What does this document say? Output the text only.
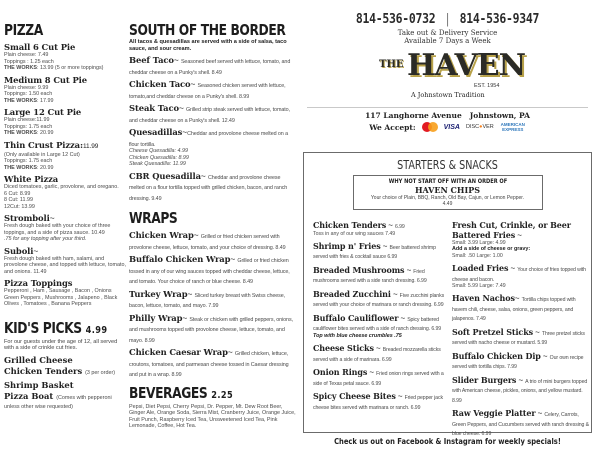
PIZZA
Small 6 Cut Pie
Plain cheese: 7.49
Toppings : 1.25 each
THE WORKS: 13.99 (5 or more toppings)
Medium 8 Cut Pie
Plain cheese: 9.99
Toppings: 1.50 each
THE WORKS: 17.99
Large 12 Cut Pie
Plain cheese:11.99
Toppings: 1.75 each
THE WORKS: 20.99
Thin Crust Pizza:11.99
(Only available in Large 12 Cut)
Toppings: 1.75 each
THE WORKS: 20.99
White Pizza
Diced tomatoes, garlic, provolone, and oregano.
6 Cut: 8.99
8 Cut: 11.99
12Cut: 13.99
Stromboli~
Fresh dough baked with your choice of three toppings, and a side of pizza sauce. 10.49
.75 for any topping after your third.
Suboli~
Fresh dough baked with ham, salami, and provolone cheese, and topped with lettuce, tomato, and onions. 11.49
Pizza Toppings
Pepperoni , Ham , Sausage , Bacon , Onions Green Peppers , Mushrooms , Jalapeno , Black Olives , Tomatoes , Banana Peppers
KID'S PICKS 4.99
For our guests under the age of 12, all served with a side of crinkle cut fries.
Grilled Cheese
Chicken Tenders (3 per order)
Shrimp Basket
Pizza Boat (Comes with pepperoni unless other wise requested)
SOUTH OF THE BORDER
All tacos & quesadillas are served with a side of salsa, taco sauce, and sour cream.
Beef Taco~ Seasoned beef served with lettuce, tomato, and cheddar cheese on a Punky's shell. 8.49
Chicken Taco~ Seasoned chicken served with lettuce, tomato,and cheddar cheese on a Punky's shell. 8.99
Steak Taco~ Grilled strip steak served with lettuce, tomato, and cheddar cheese on a Punky's shell. 12.49
Quesadillas~Cheddar and provolone cheese melted on a flour tortilla.
Cheese Quesadilla: 4.99
Chicken Quesadilla: 8.99
Steak Quesadilla: 11.99
CBR Quesadilla~ Cheddar and provolone cheese melted on a flour tortilla topped with grilled chicken, bacon, and ranch dressing. 9.49
WRAPS
Chicken Wrap~ Grilled or fried chicken served with provolone cheese, lettuce, tomato, and your choice of dressing. 8.49
Buffalo Chicken Wrap~ Grilled or fried chicken tossed in any of our wing sauces topped with cheddar cheese, lettuce, and tomato. Your choice of ranch or blue cheese. 8.49
Turkey Wrap~ Sliced turkey breast with Swiss cheese, bacon, lettuce, tomato, and mayo. 7.99
Philly Wrap~ Steak or chicken with grilled peppers, onions, and mushrooms topped with provolone cheese, lettuce, tomato, and mayo. 8.99
Chicken Caesar Wrap~ Grilled chicken, lettuce, croutons, tomatoes, and parmesan cheese tossed in Caesar dressing and put in a wrap. 8.99
BEVERAGES 2.25
Pepsi, Diet Pepsi, Cherry Pepsi, Dr. Pepper, Mt. Dew Root Beer, Ginger Ale, Orange Soda, Sierra Mist, Cranberry Juice, Orange Juice, Fruit Punch, Raspberry Iced Tea, Unsweetened Iced Tea, Pink Lemonade, Coffee, Hot Tea.
814-536-0732 | 814-536-9347
Take out & Delivery Service
Available 7 Days a Week
THE HAVEN
EST. 1954
A Johnstown Tradition
117 Langhorne Avenue Johnstown, PA
We Accept:	VISA DISC●VER AMERICAN EXPRESS
STARTERS & SNACKS
WHY NOT START OFF WITH AN ORDER OF
HAVEN CHIPS
Your choice of Plain, BBQ, Ranch, Old Bay, Cajun, or Lemon Pepper.
4.49
Chicken Tenders ~ 6.99
Toss in any of our wing sauces 7.49
Shrimp n' Fries ~ Beer battered shrimp served with fries & cocktail sauce 6.99
Breaded Mushrooms ~ Fried mushrooms served with a side ranch dressing. 6.99
Breaded Zucchini ~ Five zucchini planks served with your choice of marinara or ranch dressing. 6.99
Buffalo Cauliflower ~ Spicy battered cauliflower bites served with a side of ranch dressing. 6.99
Top with blue cheese crumbles .75
Cheese Sticks ~ Breaded mozzarella sticks served with a side of marinara. 6.99
Onion Rings ~ Fried onion rings served with a side of Texas petal sauce. 6.99
Spicy Cheese Bites ~ Fried pepper jack cheese bites served with marinara or ranch. 6.99
Fresh Cut, Crinkle, or Beer Battered Fries ~
Small: 3.99 Large: 4.99
Add a side of cheese or gravy:
Small: .50 Large: 1.00
Loaded Fries ~ Your choice of fries topped with cheese and bacon.
Small: 5.99 Large: 7.49
Haven Nachos~ Tortilla chips topped with havem chili, cheese, salsa, onions, green peppers, and jalapenos. 7.49
Soft Pretzel Sticks ~ Three pretzel sticks served with nacho cheese or mustard. 5.99
Buffalo Chicken Dip ~ Our own recipe served with tortilla chips. 7.99
Slider Burgers ~ A trio of mini burgers topped with American cheese, pickles, onions, and yellow mustard. 8.99
Raw Veggie Platter ~ Celery, Carrots, Green Peppers, and Cucumbers served with ranch dressing & blue cheese. 6.99
Check us out on Facebook & Instagram for weekly specials!
